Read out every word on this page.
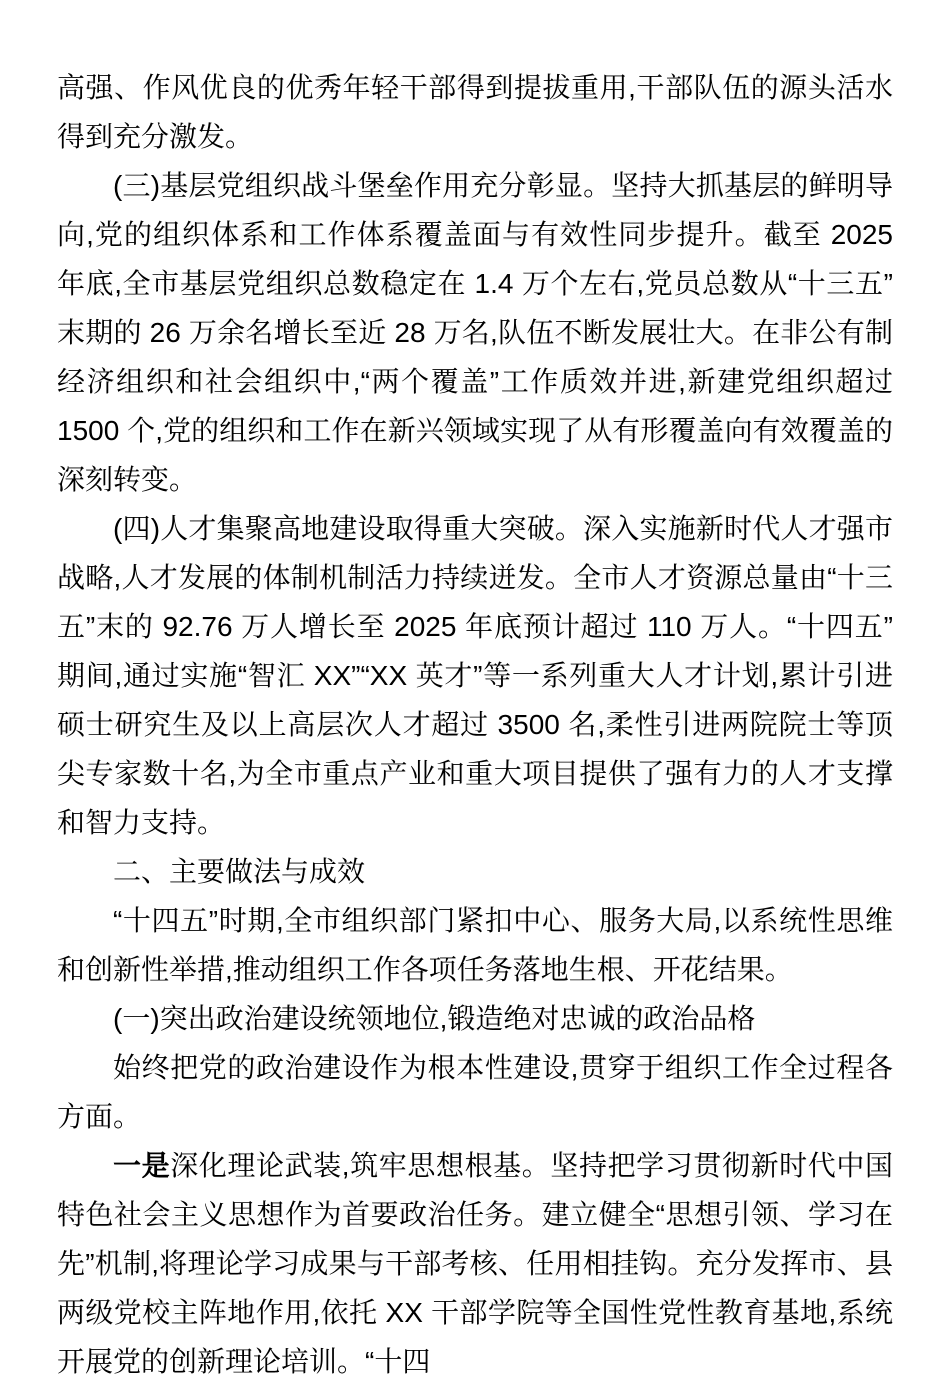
高强、作风优良的优秀年轻干部得到提拔重用,干部队伍的源头活水得到充分激发。

(三)基层党组织战斗堡垒作用充分彰显。坚持大抓基层的鲜明导向,党的组织体系和工作体系覆盖面与有效性同步提升。截至 2025 年底,全市基层党组织总数稳定在 1.4 万个左右,党员总数从“十三五”末期的 26 万余名增长至近 28 万名,队伍不断发展壮大。在非公有制经济组织和社会组织中,“两个覆盖”工作质效并进,新建党组织超过 1500 个,党的组织和工作在新兴领域实现了从有形覆盖向有效覆盖的深刻转变。

(四)人才集聚高地建设取得重大突破。深入实施新时代人才强市战略,人才发展的体制机制活力持续迸发。全市人才资源总量由“十三五”末的 92.76 万人增长至 2025 年底预计超过 110 万人。“十四五”期间,通过实施“智汇 XX”“XX 英才”等一系列重大人才计划,累计引进硕士研究生及以上高层次人才超过 3500 名,柔性引进两院院士等顶尖专家数十名,为全市重点产业和重大项目提供了强有力的人才支撑和智力支持。

二、主要做法与成效

“十四五”时期,全市组织部门紧扣中心、服务大局,以系统性思维和创新性举措,推动组织工作各项任务落地生根、开花结果。

(一)突出政治建设统领地位,锻造绝对忠诚的政治品格

始终把党的政治建设作为根本性建设,贯穿于组织工作全过程各方面。

一是深化理论武装,筑牢思想根基。坚持把学习贯彻新时代中国特色社会主义思想作为首要政治任务。建立健全“思想引领、学习在先”机制,将理论学习成果与干部考核、任用相挂钩。充分发挥市、县两级党校主阵地作用,依托 XX 干部学院等全国性党性教育基地,系统开展党的创新理论培训。“十四
